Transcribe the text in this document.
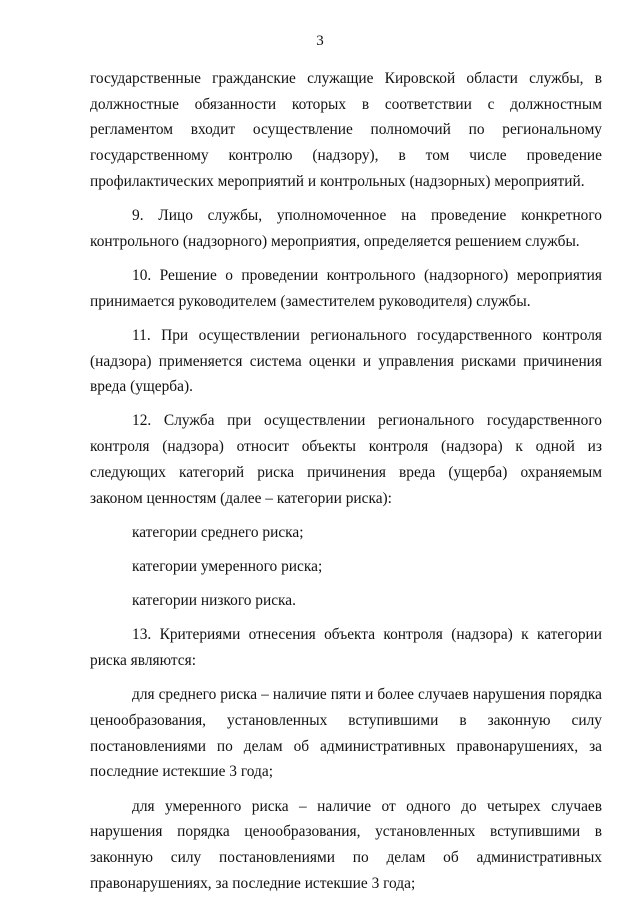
3

государственные гражданские служащие Кировской области службы, в должностные обязанности которых в соответствии с должностным регламентом входит осуществление полномочий по региональному государственному контролю (надзору), в том числе проведение профилактических мероприятий и контрольных (надзорных) мероприятий.

9. Лицо службы, уполномоченное на проведение конкретного контрольного (надзорного) мероприятия, определяется решением службы.

10. Решение о проведении контрольного (надзорного) мероприятия принимается руководителем (заместителем руководителя) службы.

11. При осуществлении регионального государственного контроля (надзора) применяется система оценки и управления рисками причинения вреда (ущерба).

12. Служба при осуществлении регионального государственного контроля (надзора) относит объекты контроля (надзора) к одной из следующих категорий риска причинения вреда (ущерба) охраняемым законом ценностям (далее – категории риска):

категории среднего риска;

категории умеренного риска;

категории низкого риска.

13. Критериями отнесения объекта контроля (надзора) к категории риска являются:

для среднего риска – наличие пяти и более случаев нарушения порядка ценообразования, установленных вступившими в законную силу постановлениями по делам об административных правонарушениях, за последние истекшие 3 года;

для умеренного риска – наличие от одного до четырех случаев нарушения порядка ценообразования, установленных вступившими в законную силу постановлениями по делам об административных правонарушениях, за последние истекшие 3 года;
